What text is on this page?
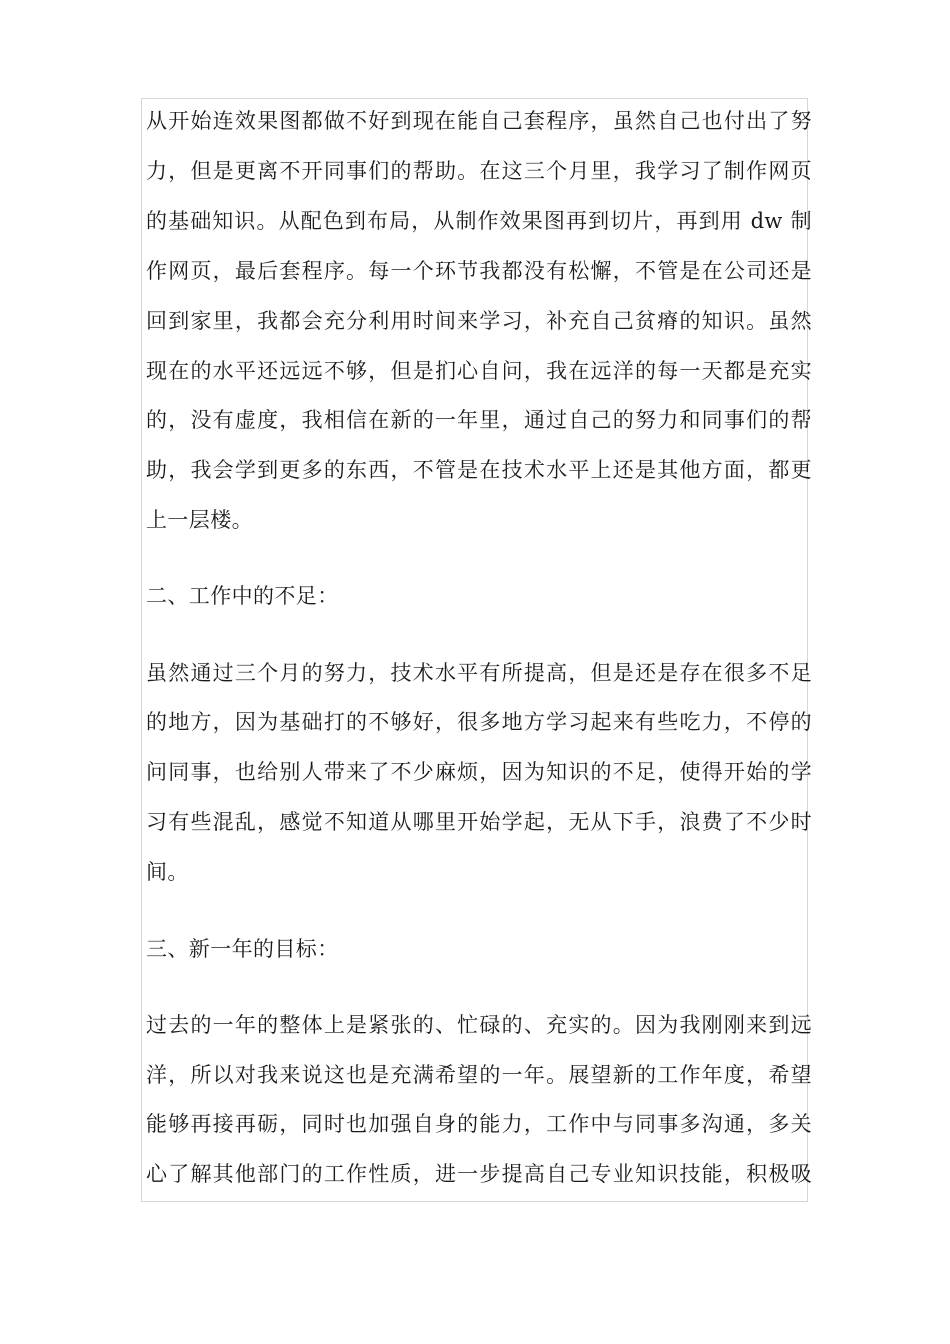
从开始连效果图都做不好到现在能自己套程序，虽然自己也付出了努
力，但是更离不开同事们的帮助。在这三个月里，我学习了制作网页
的基础知识。从配色到布局，从制作效果图再到切片，再到用 dw 制
作网页，最后套程序。每一个环节我都没有松懈，不管是在公司还是
回到家里，我都会充分利用时间来学习，补充自己贫瘠的知识。虽然
现在的水平还远远不够，但是扪心自问，我在远洋的每一天都是充实
的，没有虚度，我相信在新的一年里，通过自己的努力和同事们的帮
助，我会学到更多的东西，不管是在技术水平上还是其他方面，都更
上一层楼。
二、工作中的不足：
虽然通过三个月的努力，技术水平有所提高，但是还是存在很多不足
的地方，因为基础打的不够好，很多地方学习起来有些吃力，不停的
问同事，也给别人带来了不少麻烦，因为知识的不足，使得开始的学
习有些混乱，感觉不知道从哪里开始学起，无从下手，浪费了不少时
间。
三、新一年的目标：
过去的一年的整体上是紧张的、忙碌的、充实的。因为我刚刚来到远
洋，所以对我来说这也是充满希望的一年。展望新的工作年度，希望
能够再接再砺，同时也加强自身的能力，工作中与同事多沟通，多关
心了解其他部门的工作性质，进一步提高自己专业知识技能，积极吸
